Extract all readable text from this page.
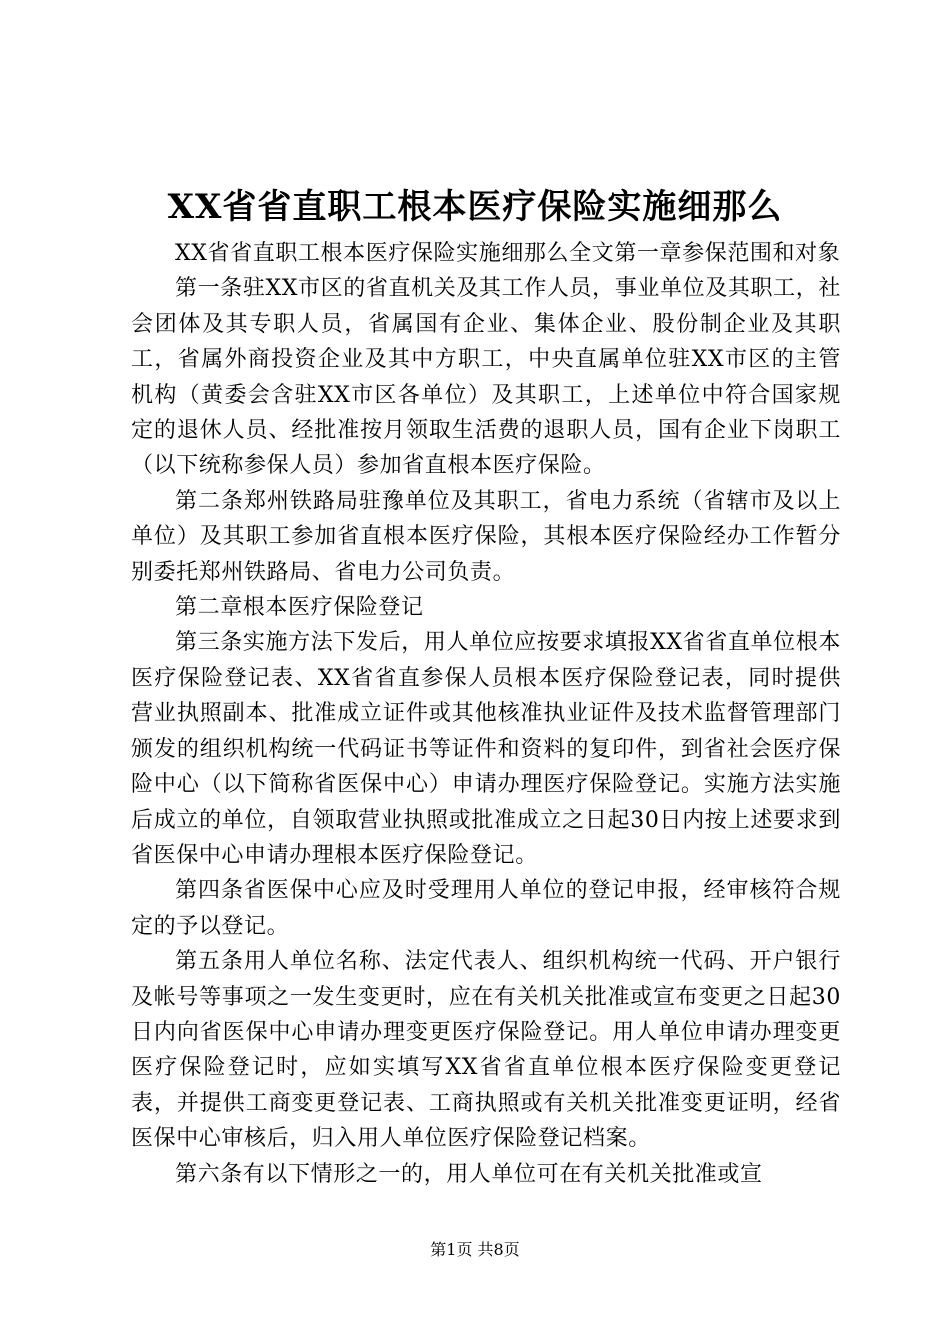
XX省省直职工根本医疗保险实施细那么

XX省省直职工根本医疗保险实施细那么全文第一章参保范围和对象

第一条驻XX市区的省直机关及其工作人员，事业单位及其职工，社会团体及其专职人员，省属国有企业、集体企业、股份制企业及其职工，省属外商投资企业及其中方职工，中央直属单位驻XX市区的主管机构（黄委会含驻XX市区各单位）及其职工，上述单位中符合国家规定的退休人员、经批准按月领取生活费的退职人员，国有企业下岗职工（以下统称参保人员）参加省直根本医疗保险。

第二条郑州铁路局驻豫单位及其职工，省电力系统（省辖市及以上单位）及其职工参加省直根本医疗保险，其根本医疗保险经办工作暂分别委托郑州铁路局、省电力公司负责。

第二章根本医疗保险登记

第三条实施方法下发后，用人单位应按要求填报XX省省直单位根本医疗保险登记表、XX省省直参保人员根本医疗保险登记表，同时提供营业执照副本、批准成立证件或其他核准执业证件及技术监督管理部门颁发的组织机构统一代码证书等证件和资料的复印件，到省社会医疗保险中心（以下简称省医保中心）申请办理医疗保险登记。实施方法实施后成立的单位，自领取营业执照或批准成立之日起30日内按上述要求到省医保中心申请办理根本医疗保险登记。

第四条省医保中心应及时受理用人单位的登记申报，经审核符合规定的予以登记。

第五条用人单位名称、法定代表人、组织机构统一代码、开户银行及帐号等事项之一发生变更时，应在有关机关批准或宣布变更之日起30日内向省医保中心申请办理变更医疗保险登记。用人单位申请办理变更医疗保险登记时，应如实填写XX省省直单位根本医疗保险变更登记表，并提供工商变更登记表、工商执照或有关机关批准变更证明，经省医保中心审核后，归入用人单位医疗保险登记档案。

第六条有以下情形之一的，用人单位可在有关机关批准或宣

第1页 共8页
